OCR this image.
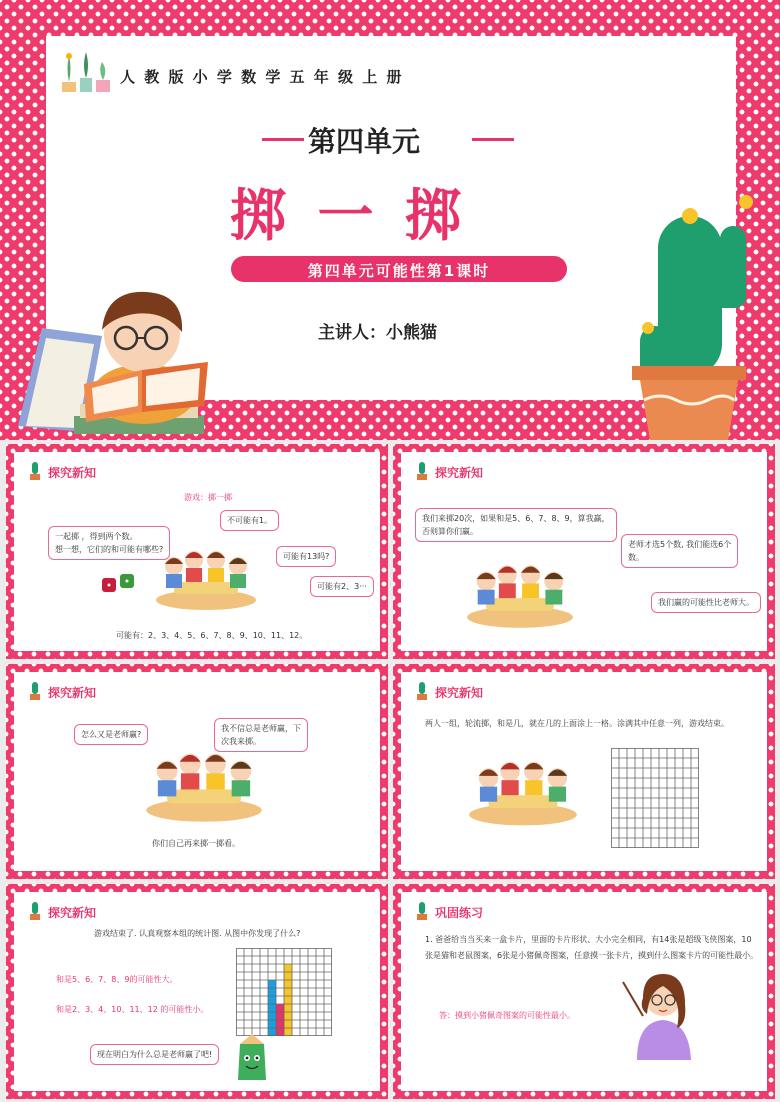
人 教 版 小 学 数 学 五 年 级 上 册
第四单元
掷 一 掷
第四单元可能性第1课时
主讲人：小熊猫
探究新知
游戏：掷一掷
一起掷 ，得到两个数。
想一想，它们的和可能有哪些?
不可能有1。
可能有13吗?
可能有2、3···
可能有：2、3、4、5、6、7、8、9、10、11、12。
探究新知
我们来掷20次，如果和是5、6、7、8、9，算我赢，
否则算你们赢。
老师才选5个数, 我们能选6个
数。
我们赢的可能性比老师大。
探究新知
怎么又是老师赢?
我不信总是老师赢，下
次我来掷。
你们自己再来掷一掷看。
探究新知
两人一组，轮流掷，和是几，就在几的上面涂上一格。涂满其中任意一列，游戏结束。
探究新知
游戏结束了. 认真观察本组的统计图. 从图中你发现了什么?
和是5、6、7、8、9的可能性大。
和是2、3、4、10、11、12 的可能性小。
现在明白为什么总是老师赢了吧!
巩固练习
1. 爸爸给当当买来一盒卡片，里面的卡片形状、大小完全相同，有14张是超级飞侠图案，10
张是猫和老鼠图案，6张是小猪佩奇图案，任意摸一张卡片，摸到什么图案卡片的可能性最小。
答：摸到小猪佩奇图案的可能性最小。
